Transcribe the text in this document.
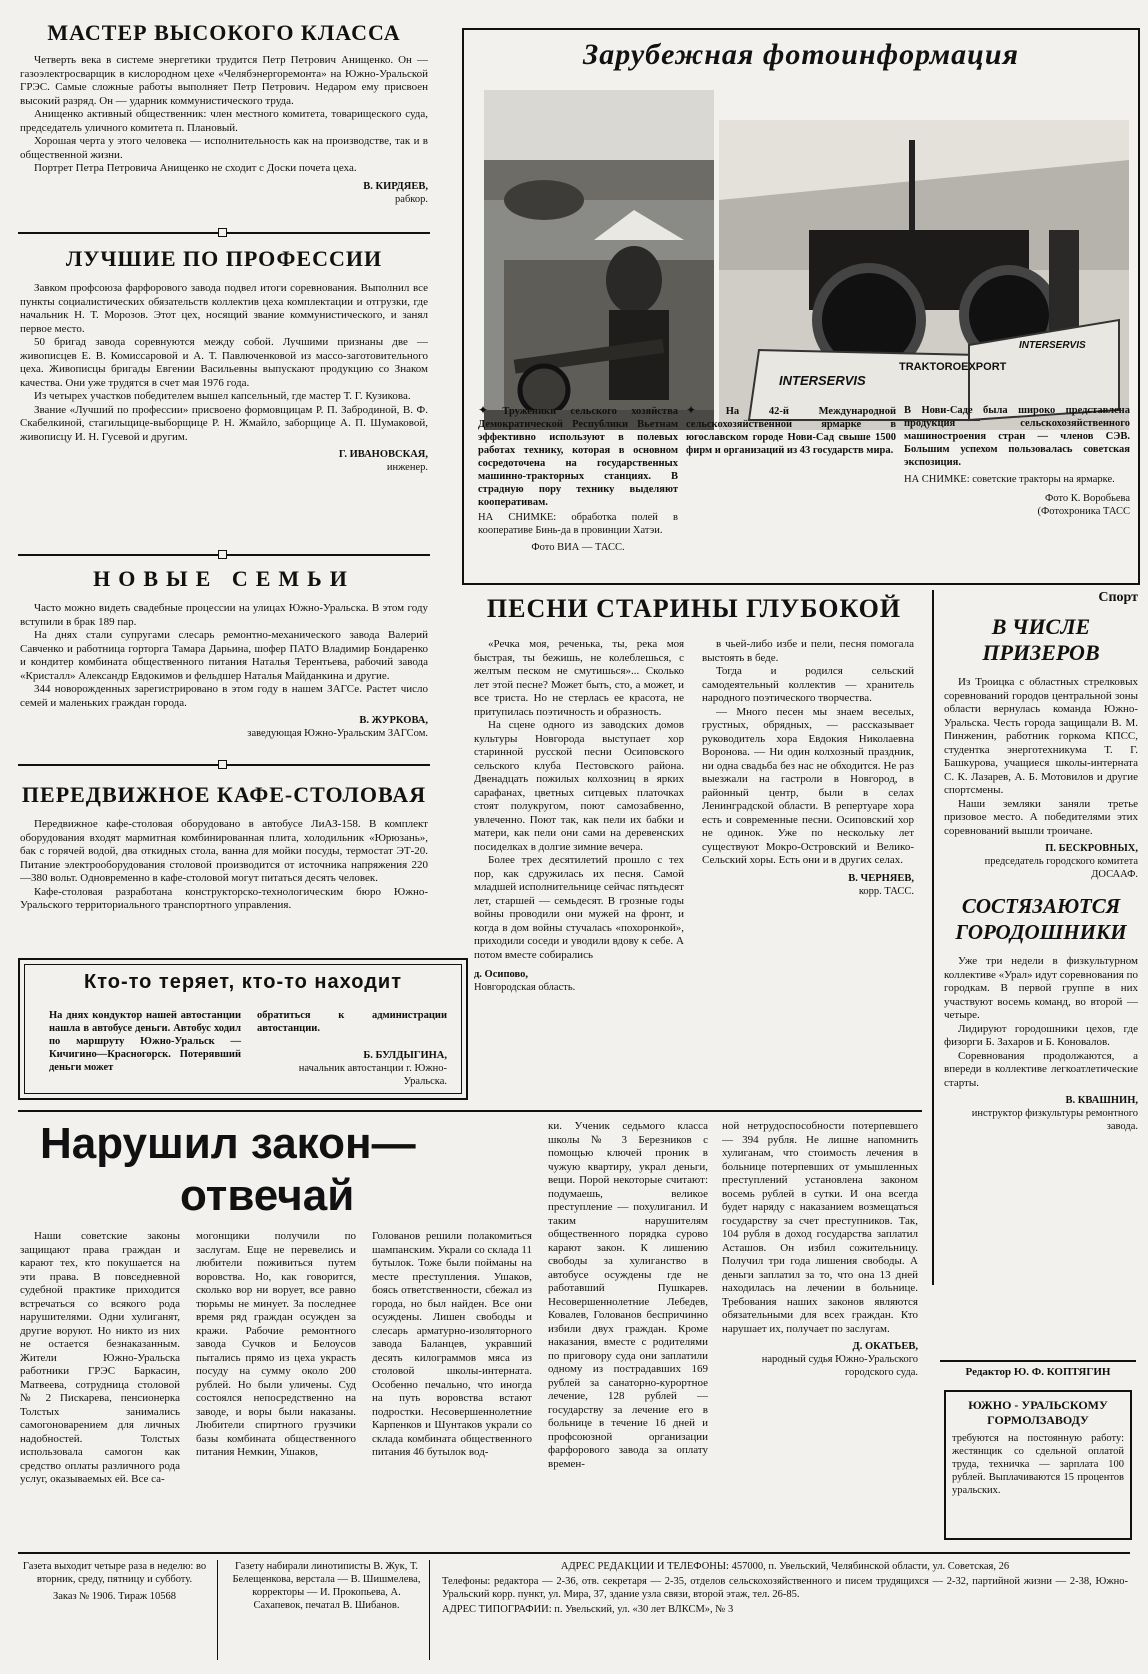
МАСТЕР ВЫСОКОГО КЛАССА

Четверть века в системе энергетики трудится Петр Петрович Анищенко. Он — газоэлектросварщик в кислородном цехе «Челябэнергоремонта» на Южно-Уральской ГРЭС. Самые сложные работы выполняет Петр Петрович. Недаром ему присвоен высокий разряд. Он — ударник коммунистического труда.

Анищенко активный общественник: член местного комитета, товарищеского суда, председатель уличного комитета п. Плановый.

Хорошая черта у этого человека — исполнительность как на производстве, так и в общественной жизни.

Портрет Петра Петровича Анищенко не сходит с Доски почета цеха.

В. КИРДЯЕВ,
рабкор.

ЛУЧШИЕ ПО ПРОФЕССИИ

Завком профсоюза фарфорового завода подвел итоги соревнования. Выполнил все пункты социалистических обязательств коллектив цеха комплектации и отгрузки, где начальник Н. Т. Морозов. Этот цех, носящий звание коммунистического, и занял первое место.

50 бригад завода соревнуются между собой. Лучшими признаны две — живописцев Е. В. Комиссаровой и А. Т. Павлюченковой из массо-заготовительного цеха. Живописцы бригады Евгении Васильевны выпускают продукцию со Знаком качества. Они уже трудятся в счет мая 1976 года.

Из четырех участков победителем вышел капсельный, где мастер Т. Г. Кузикова.

Звание «Лучший по профессии» присвоено формовщицам Р. П. Забродиной, В. Ф. Скабелкиной, стагильщице-выборщице Р. Н. Жмайло, заборщице А. П. Шумаковой, живописцу И. Н. Гусевой и другим.

Г. ИВАНОВСКАЯ,
инженер.

НОВЫЕ СЕМЬИ

Часто можно видеть свадебные процессии на улицах Южно-Уральска. В этом году вступили в брак 189 пар.

На днях стали супругами слесарь ремонтно-механического завода Валерий Савченко и работница горторга Тамара Дарьина, шофер ПАТО Владимир Бондаренко и кондитер комбината общественного питания Наталья Терентьева, рабочий завода «Кристалл» Александр Евдокимов и фельдшер Наталья Майданкина и другие.

344 новорожденных зарегистрировано в этом году в нашем ЗАГСе. Растет число семей и маленьких граждан города.

В. ЖУРКОВА,
заведующая Южно-Уральским ЗАГСом.

ПЕРЕДВИЖНОЕ КАФЕ-СТОЛОВАЯ

Передвижное кафе-столовая оборудовано в автобусе ЛиАЗ-158. В комплект оборудования входят мармитная комбинированная плита, холодильник «Юрюзань», бак с горячей водой, два откидных стола, ванна для мойки посуды, термостат ЭТ-20. Питание электрооборудования столовой производится от источника напряжения 220—380 вольт. Одновременно в кафе-столовой могут питаться десять человек.

Кафе-столовая разработана конструкторско-технологическим бюро Южно-Уральского территориального транспортного управления.

Кто-то теряет, кто-то находит

На днях кондуктор нашей автостанции нашла в автобусе деньги. Автобус ходил по маршруту Южно-Уральск — Кичигино—Красногорск. Потерявший деньги может

обратиться к администрации автостанции.

Б. БУЛДЫГИНА,
начальник автостанции г. Южно-Уральска.

Зарубежная фотоинформация
INTERSERVIS
TRAKTOROEXPORT
INTERSERVIS

✦ Труженики сельского хозяйства Демократической Республики Вьетнам эффективно используют в полевых работах технику, которая в основном сосредоточена на государственных машинно-тракторных станциях. В страдную пору технику выделяют кооперативам.

НА СНИМКЕ: обработка полей в кооперативе Бинь-да в провинции Хатэи.

Фото ВИА — ТАСС.

✦	На 42-й Международной сельскохозяйственной ярмарке в югославском городе Нови-Сад свыше 1500 фирм и организаций из 43 государств мира.

В Нови-Саде была широко представлена продукция сельскохозяйственного машиностроения стран — членов СЭВ. Большим успехом пользовалась советская экспозиция.

НА СНИМКЕ: советские тракторы на ярмарке.

Фото К. Воробьева

(Фотохроника ТАСС

ПЕСНИ СТАРИНЫ ГЛУБОКОЙ

«Речка моя, реченька, ты, река моя быстрая, ты бежишь, не колеблешься, с желтым песком не смутишься»... Сколько лет этой песне? Может быть, сто, а может, и все триста. Но не стерлась ее красота, не притупилась поэтичность и образность.

На сцене одного из заводских домов культуры Новгорода выступает хор старинной русской песни Осиповского сельского клуба Пестовского района. Двенадцать пожилых колхозниц в ярких сарафанах, цветных ситцевых платочках стоят полукругом, поют самозабвенно, увлеченно. Поют так, как пели их бабки и матери, как пели они сами на деревенских посиделках в долгие зимние вечера.

Более трех десятилетий прошло с тех пор, как сдружилась их песня. Самой младшей исполнительнице сейчас пятьдесят лет, старшей — семьдесят. В грозные годы войны проводили они мужей на фронт, и когда в дом войны стучалась «похоронкой», приходили соседи и уводили вдову к себе. А потом вместе собирались

д. Осипово,
Новгородская область.

в чьей-либо избе и пели, песня помогала выстоять в беде.

Тогда и родился сельский самодеятельный коллектив — хранитель народного поэтического творчества.

— Много песен мы знаем веселых, грустных, обрядных, — рассказывает руководитель хора Евдокия Николаевна Воронова. — Ни один колхозный праздник, ни одна свадьба без нас не обходится. Не раз выезжали на гастроли в Новгород, в районный центр, были в селах Ленинградской области. В репертуаре хора есть и современные песни. Осиповский хор не одинок. Уже по нескольку лет существуют Мокро-Островский и Велико-Сельский хоры. Есть они и в других селах.

В. ЧЕРНЯЕВ,
корр. ТАСС.

Спорт
В ЧИСЛЕ ПРИЗЕРОВ

Из Троицка с областных стрелковых соревнований городов центральной зоны области вернулась команда Южно-Уральска. Честь города защищали В. М. Пинженин, работник горкома КПСС, студентка энерготехникума Т. Г. Башкурова, учащиеся школы-интерната С. К. Лазарев, А. Б. Мотовилов и другие спортсмены.

Наши земляки заняли третье призовое место. А победителями этих соревнований вышли троичане.

П. БЕСКРОВНЫХ,
председатель городского комитета ДОСААФ.

СОСТЯЗАЮТСЯ ГОРОДОШНИКИ

Уже три недели в физкультурном коллективе «Урал» идут соревнования по городкам. В первой группе в них участвуют восемь команд, во второй — четыре.

Лидируют городошники цехов, где физорги Б. Захаров и Б. Коновалов.

Соревнования продолжаются, а впереди в коллективе легкоатлетические старты.

В. КВАШНИН,
инструктор физкультуры ремонтного завода.

Редактор Ю. Ф. КОПТЯГИН
ЮЖНО - УРАЛЬСКОМУ ГОРМОЛЗАВОДУ

требуются на постоянную работу: жестянщик со сдельной оплатой труда, техничка — зарплата 100 рублей. Выплачиваются 15 процентов уральских.

Нарушил закон—
отвечай

Наши советские законы защищают права граждан и карают тех, кто покушается на эти права. В повседневной судебной практике приходится встречаться со всякого рода нарушителями. Одни хулиганят, другие воруют. Но никто из них не остается безнаказанным. Жители Южно-Уральска работники ГРЭС Баркасин, Матвеева, сотрудница столовой № 2 Пискарева, пенсионерка Толстых занимались самогоноварением для личных надобностей. Толстых использовала самогон как средство оплаты различного рода услуг, оказываемых ей. Все са-

могонщики получили по заслугам. Еще не перевелись и любители поживиться путем воровства. Но, как говорится, сколько вор ни ворует, все равно тюрьмы не минует. За последнее время ряд граждан осужден за кражи. Рабочие ремонтного завода Сучков и Белоусов пытались прямо из цеха украсть посуду на сумму около 200 рублей. Но были уличены. Суд состоялся непосредственно на заводе, и воры были наказаны. Любители спиртного грузчики базы комбината общественного питания Немкин, Ушаков,

Голованов решили полакомиться шампанским. Украли со склада 11 бутылок. Тоже были пойманы на месте преступления. Ушаков, боясь ответственности, сбежал из города, но был найден. Все они осуждены. Лишен свободы и слесарь арматурно-изоляторного завода Баланцев, укравший десять килограммов мяса из столовой школы-интерната. Особенно печально, что иногда на путь воровства встают подростки. Несовершеннолетние Карпенков и Шунтаков украли со склада комбината общественного питания 46 бутылок вод-

ки. Ученик седьмого класса школы № 3 Березников с помощью ключей проник в чужую квартиру, украл деньги, вещи. Порой некоторые считают: подумаешь, великое преступление — похулиганил. И таким нарушителям общественного порядка сурово карают закон. К лишению свободы за хулиганство в автобусе осуждены где не работавший Пушкарев. Несовершеннолетние Лебедев, Ковалев, Голованов беспричинно избили двух граждан. Кроме наказания, вместе с родителями по приговору суда они заплатили одному из пострадавших 169 рублей за санаторно-курортное лечение, 128 рублей — государству за лечение его в больнице в течение 16 дней и профсоюзной организации фарфорового завода за оплату времен-

ной нетрудоспособности потерпевшего — 394 рубля. Не лишне напомнить хулиганам, что стоимость лечения в больнице потерпевших от умышленных преступлений установлена законом восемь рублей в сутки. И она всегда будет наряду с наказанием возмещаться государству за счет преступников. Так, 104 рубля в доход государства заплатил Асташов. Он избил сожительницу. Получил три года лишения свободы. А деньги заплатил за то, что она 13 дней находилась на лечении в больнице. Требования наших законов являются обязательными для всех граждан. Кто нарушает их, получает по заслугам.

Д. ОКАТЬЕВ,
народный судья Южно-Уральского городского суда.

Газета выходит четыре раза в неделю: во вторник, среду, пятницу и субботу.

Заказ № 1906. Тираж 10568

Газету набирали линотиписты В. Жук, Т. Белещенкова, верстала — В. Шишмелева, корректоры — И. Прокопьева, А. Сахапевок, печатал В. Шибанов.

АДРЕС РЕДАКЦИИ И ТЕЛЕФОНЫ: 457000, п. Увельский, Челябинской области, ул. Советская, 26

Телефоны: редактора — 2-36, отв. секретаря — 2-35, отделов сельскохозяйственного и писем трудящихся — 2-32, партийной жизни — 2-38, Южно-Уральский корр. пункт, ул. Мира, 37, здание узла связи, второй этаж, тел. 26-85.

АДРЕС ТИПОГРАФИИ: п. Увельский, ул. «30 лет ВЛКСМ», № 3
